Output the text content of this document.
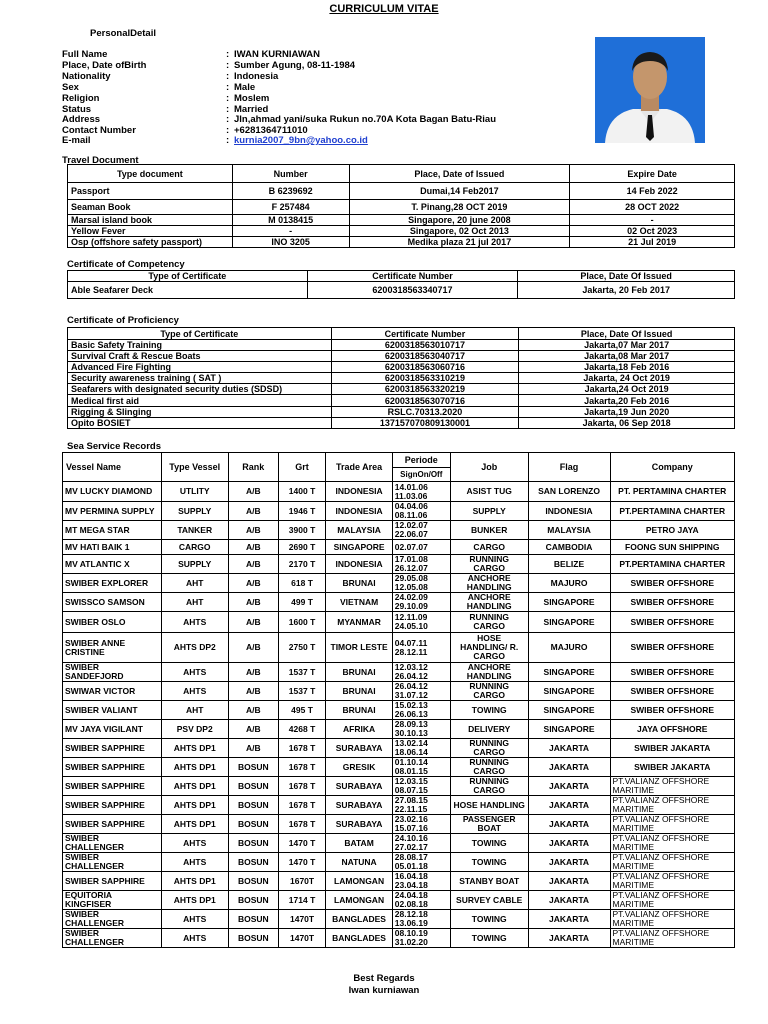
CURRICULUM VITAE
PersonalDetail
Full Name	: IWAN KURNIAWAN
Place, Date ofBirth	: Sumber Agung, 08-11-1984
Nationality	: Indonesia
Sex	: Male
Religion	: Moslem
Status	: Married
Address	: Jln,ahmad yani/suka Rukun no.70A Kota Bagan Batu-Riau
Contact Number	: +6281364711010
E-mail	: kurnia2007_9bn@yahoo.co.id
Travel Document
Type document	Number	Place, Date of Issued	Expire Date
Passport	B 6239692	Dumai,14 Feb2017	14 Feb 2022
Seaman Book	F 257484	T. Pinang,28 OCT 2019	28 OCT 2022
Marsal island book	M 0138415	Singapore, 20 june 2008	-
Yellow Fever	-	Singapore, 02 Oct 2013	02 Oct 2023
Osp (offshore safety passport)	INO 3205	Medika plaza 21 jul 2017	21 Jul 2019
Certificate of Competency
Type of Certificate	Certificate Number	Place, Date Of Issued
Able Seafarer Deck	6200318563340717	Jakarta, 20 Feb 2017
Certificate of Proficiency
Type of Certificate	Certificate Number	Place, Date Of Issued
Basic Safety Training	6200318563010717	Jakarta,07 Mar 2017
Survival Craft & Rescue Boats	6200318563040717	Jakarta,08 Mar 2017
Advanced Fire Fighting	6200318563060716	Jakarta,18 Feb 2016
Security awareness training ( SAT )	6200318563310219	Jakarta, 24 Oct 2019
Seafarers with designated security duties (SDSD)	6200318563320219	Jakarta,24 Oct 2019
Medical first aid	6200318563070716	Jakarta,20 Feb 2016
Rigging & Slinging	RSLC.70313.2020	Jakarta,19 Jun 2020
Opito BOSIET	137157070809130001	Jakarta, 06 Sep 2018
Sea Service Records
Vessel Name	Type Vessel	Rank	Grt	Trade Area	Periode	Job	Flag	Company
					SignOn/Off			
MV LUCKY DIAMOND	UTLITY	A/B	1400 T	INDONESIA	14.01.06 11.03.06	ASIST TUG	SAN LORENZO	PT. PERTAMINA CHARTER
MV PERMINA SUPPLY	SUPPLY	A/B	1946 T	INDONESIA	04.04.06 08.11.06	SUPPLY	INDONESIA	PT.PERTAMINA CHARTER
MT MEGA STAR	TANKER	A/B	3900 T	MALAYSIA	12.02.07 22.06.07	BUNKER	MALAYSIA	PETRO JAYA
MV HATI BAIK 1	CARGO	A/B	2690 T	SINGAPORE	02.07.07	CARGO	CAMBODIA	FOONG SUN SHIPPING
MV ATLANTIC X	SUPPLY	A/B	2170 T	INDONESIA	17.01.08 26.12.07	RUNNING CARGO	BELIZE	PT.PERTAMINA CHARTER
SWIBER EXPLORER	AHT	A/B	618 T	BRUNAI	29.05.08 12.05.08	ANCHORE HANDLING	MAJURO	SWIBER OFFSHORE
SWISSCO SAMSON	AHT	A/B	499 T	VIETNAM	24.02.09 29.10.09	ANCHORE HANDLING	SINGAPORE	SWIBER OFFSHORE
SWIBER OSLO	AHTS	A/B	1600 T	MYANMAR	12.11.09 24.05.10	RUNNING CARGO	SINGAPORE	SWIBER OFFSHORE
SWIBER ANNE CRISTINE	AHTS DP2	A/B	2750 T	TIMOR LESTE	04.07.11 28.12.11	HOSE HANDLING/ R. CARGO	MAJURO	SWIBER OFFSHORE
SWIBER SANDEFJORD	AHTS	A/B	1537 T	BRUNAI	12.03.12 26.04.12	ANCHORE HANDLING	SINGAPORE	SWIBER OFFSHORE
SWIWAR VICTOR	AHTS	A/B	1537 T	BRUNAI	26.04.12 31.07.12	RUNNING CARGO	SINGAPORE	SWIBER OFFSHORE
SWIBER VALIANT	AHT	A/B	495 T	BRUNAI	15.02.13 26.06.13	TOWING	SINGAPORE	SWIBER OFFSHORE
MV JAYA VIGILANT	PSV DP2	A/B	4268 T	AFRIKA	28.09.13 30.10.13	DELIVERY	SINGAPORE	JAYA OFFSHORE
SWIBER SAPPHIRE	AHTS DP1	A/B	1678 T	SURABAYA	13.02.14 18.06.14	RUNNING CARGO	JAKARTA	SWIBER JAKARTA
SWIBER SAPPHIRE	AHTS DP1	BOSUN	1678 T	GRESIK	01.10.14 08.01.15	RUNNING CARGO	JAKARTA	SWIBER JAKARTA
SWIBER SAPPHIRE	AHTS DP1	BOSUN	1678 T	SURABAYA	12.03.15 08.07.15	RUNNING CARGO	JAKARTA	PT.VALIANZ OFFSHORE MARITIME
SWIBER SAPPHIRE	AHTS DP1	BOSUN	1678 T	SURABAYA	27.08.15 22.11.15	HOSE HANDLING	JAKARTA	PT.VALIANZ OFFSHORE MARITIME
SWIBER SAPPHIRE	AHTS DP1	BOSUN	1678 T	SURABAYA	23.02.16 15.07.16	PASSENGER BOAT	JAKARTA	PT.VALIANZ OFFSHORE MARITIME
SWIBER CHALLENGER	AHTS	BOSUN	1470 T	BATAM	24.10.16 27.02.17	TOWING	JAKARTA	PT.VALIANZ OFFSHORE MARITIME
SWIBER CHALLENGER	AHTS	BOSUN	1470 T	NATUNA	28.08.17 05.01.18	TOWING	JAKARTA	PT.VALIANZ OFFSHORE MARITIME
SWIBER SAPPHIRE	AHTS DP1	BOSUN	1670T	LAMONGAN	16.04.18 23.04.18	STANBY BOAT	JAKARTA	PT.VALIANZ OFFSHORE MARITIME
EQUITORIA KINGFISER	AHTS DP1	BOSUN	1714 T	LAMONGAN	24.04.18 02.08.18	SURVEY CABLE	JAKARTA	PT.VALIANZ OFFSHORE MARITIME
SWIBER CHALLENGER	AHTS	BOSUN	1470T	BANGLADES	28.12.18 13.06.19	TOWING	JAKARTA	PT.VALIANZ OFFSHORE MARITIME
SWIBER CHALLENGER	AHTS	BOSUN	1470T	BANGLADES	08.10.19 31.02.20	TOWING	JAKARTA	PT.VALIANZ OFFSHORE MARITIME
Best Regards
Iwan kurniawan
